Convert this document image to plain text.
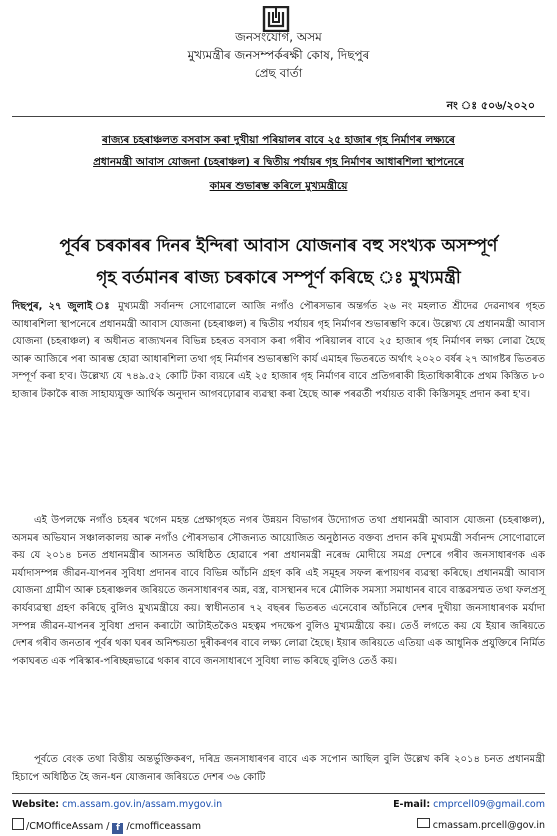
জনসংযোগ, অসম
মুখ্যমন্ত্ৰীৰ জনসম্পৰ্কৰক্ষী কোষ, দিছপুৰ
প্ৰেছ বাৰ্তা
নং ঃ ৫০৬/২০২০
ৰাজ্যৰ চহৰাঞ্চলত বসবাস কৰা দুখীয়া পৰিয়ালৰ বাবে ২৫ হাজাৰ গৃহ নিৰ্মাণৰ লক্ষ্যৰে
প্ৰধানমন্ত্ৰী আবাস যোজনা (চহৰাঞ্চল) ৰ দ্বিতীয় পৰ্যায়ৰ গৃহ নিৰ্মাণৰ আধাৰশিলা স্থাপনেৰে
কামৰ শুভাৰম্ভ কৰিলে মুখ্যমন্ত্ৰীয়ে
পূৰ্বৰ চৰকাৰৰ দিনৰ ইন্দিৰা আবাস যোজনাৰ বহু সংখ্যক অসম্পূৰ্ণ
গৃহ বৰ্তমানৰ ৰাজ্য চৰকাৰে সম্পূৰ্ণ কৰিছে ঃ মুখ্যমন্ত্ৰী
দিছপুৰ, ২৭ জুলাই ঃ মুখ্যমন্ত্ৰী সৰ্বানন্দ সোণোৱালে আজি নগাঁও পৌৰসভাৰ অন্তৰ্গত ২৬ নং মহলাত শ্ৰীদেৱ দেৱনাথৰ গৃহত আধাৰশিলা স্থাপনেৰে প্ৰধানমন্ত্ৰী আবাস যোজনা (চহৰাঞ্চল) ৰ দ্বিতীয় পৰ্যায়ৰ গৃহ নিৰ্মাণৰ শুভাৰম্ভণি কৰে। উল্লেখ্য যে প্ৰধানমন্ত্ৰী আবাস যোজনা (চহৰাঞ্চল) ৰ অধীনত ৰাজ্যখনৰ বিভিন্ন চহৰত বসবাস কৰা গৰীব পৰিয়ালৰ বাবে ২৫ হাজাৰ গৃহ নিৰ্মাণৰ লক্ষ্য লোৱা হৈছে আৰু আজিৰে পৰা আৰম্ভ হোৱা আধাৰশিলা তথা গৃহ নিৰ্মাণৰ শুভাৰম্ভণি কাৰ্য এমাহৰ ভিতৰতে অৰ্থাৎ ২০২০ বৰ্ষৰ ২৭ আগষ্টৰ ভিতৰত সম্পূৰ্ণ কৰা হ'ব। উল্লেখ্য যে ৭৪৯.৫২ কোটি টকা ব্যয়ৰে এই ২৫ হাজাৰ গৃহ নিৰ্মাণৰ বাবে প্ৰতিগৰাকী হিতাধিকাৰীকে প্ৰথম কিস্তিত ৮০ হাজাৰ টকাকৈ ৰাজ সাহায্যযুক্ত আৰ্থিক অনুদান আগবঢ়োৱাৰ ব্যৱস্থা কৰা হৈছে আৰু পৰৱৰ্তী পৰ্যায়ত বাকী কিস্তিসমূহ প্ৰদান কৰা হ'ব।
এই উপলক্ষে নগাঁও চহৰৰ খগেন মহন্ত প্ৰেক্ষাগৃহত নগৰ উন্নয়ন বিভাগৰ উদ্যোগত তথা প্ৰধানমন্ত্ৰী আবাস যোজনা (চহৰাঞ্চল), অসমৰ অভিযান সঞ্চালকালয় আৰু নগাঁও পৌৰসভাৰ সৌজন্যত আয়োজিত অনুষ্ঠানত বক্তব্য প্ৰদান কৰি মুখ্যমন্ত্ৰী সৰ্বানন্দ সোণোৱালে কয় যে ২০১৪ চনত প্ৰধানমন্ত্ৰীৰ আসনত অধিষ্ঠিত হোৱাৰে পৰা প্ৰধানমন্ত্ৰী নৰেন্দ্ৰ মোদীয়ে সমগ্ৰ দেশৰে গৰীব জনসাধাৰণক এক মৰ্যাদাসম্পন্ন জীৱন-যাপনৰ সুবিধা প্ৰদানৰ বাবে বিভিন্ন আঁচনি গ্ৰহণ কৰি এই সমূহৰ সফল ৰূপায়ণৰ ব্যৱস্থা কৰিছে। প্ৰধানমন্ত্ৰী আবাস যোজনা গ্ৰামীণ আৰু চহৰাঞ্চলৰ জৰিয়তে জনসাধাৰণৰ অন্ন, বস্ত্ৰ, বাসস্থানৰ দৰে মৌলিক সমস্যা সমাধানৰ বাবে বাস্তৱসম্মত তথা ফলপ্ৰসূ কাৰ্যব্যৱস্থা গ্ৰহণ কৰিছে বুলিও মুখ্যমন্ত্ৰীয়ে কয়। স্বাধীনতাৰ ৭২ বছৰৰ ভিতৰত এনেবোৰ আঁচনিৰে দেশৰ দুখীয়া জনসাধাৰণক মৰ্যাদা সম্পন্ন জীৱন-যাপনৰ সুবিধা প্ৰদান কৰাটো আটাইতকৈও মহত্বম পদক্ষেপ বুলিও মুখ্যমন্ত্ৰীয়ে কয়। তেওঁ লগতে কয় যে ইয়াৰ জৰিয়তে দেশৰ গৰীব জনতাৰ পূৰ্বৰ থকা ঘৰৰ অনিশ্চয়তা দুৰীকৰণৰ বাবে লক্ষ্য লোৱা হৈছে। ইয়াৰ জৰিয়তে এতিয়া এক আধুনিক প্ৰযুক্তিৰে নিৰ্মিত পকাঘৰত এক পৰিস্কাৰ-পৰিচ্ছন্নভাৱে থকাৰ বাবে জনসাধাৰণে সুবিধা লাভ কৰিছে বুলিও তেওঁ কয়।
পূৰ্বতে বেংক তথা বিত্তীয় অন্তৰ্ভুক্তিকৰণ, দৰিদ্ৰ জনসাধাৰণৰ বাবে এক সপোন আছিল বুলি উল্লেখ কৰি ২০১৪ চনত প্ৰধানমন্ত্ৰী হিচাপে অধিষ্ঠিত হৈ জন-ধন যোজনাৰ জৰিয়তে দেশৰ ৩৬ কোটি
Website: cm.assam.gov.in/assam.mygov.in	E-mail: cmprcell09@gmail.com
/CMOfficeAssam / f /cmofficeassam	cmassam.prcell@gov.in
